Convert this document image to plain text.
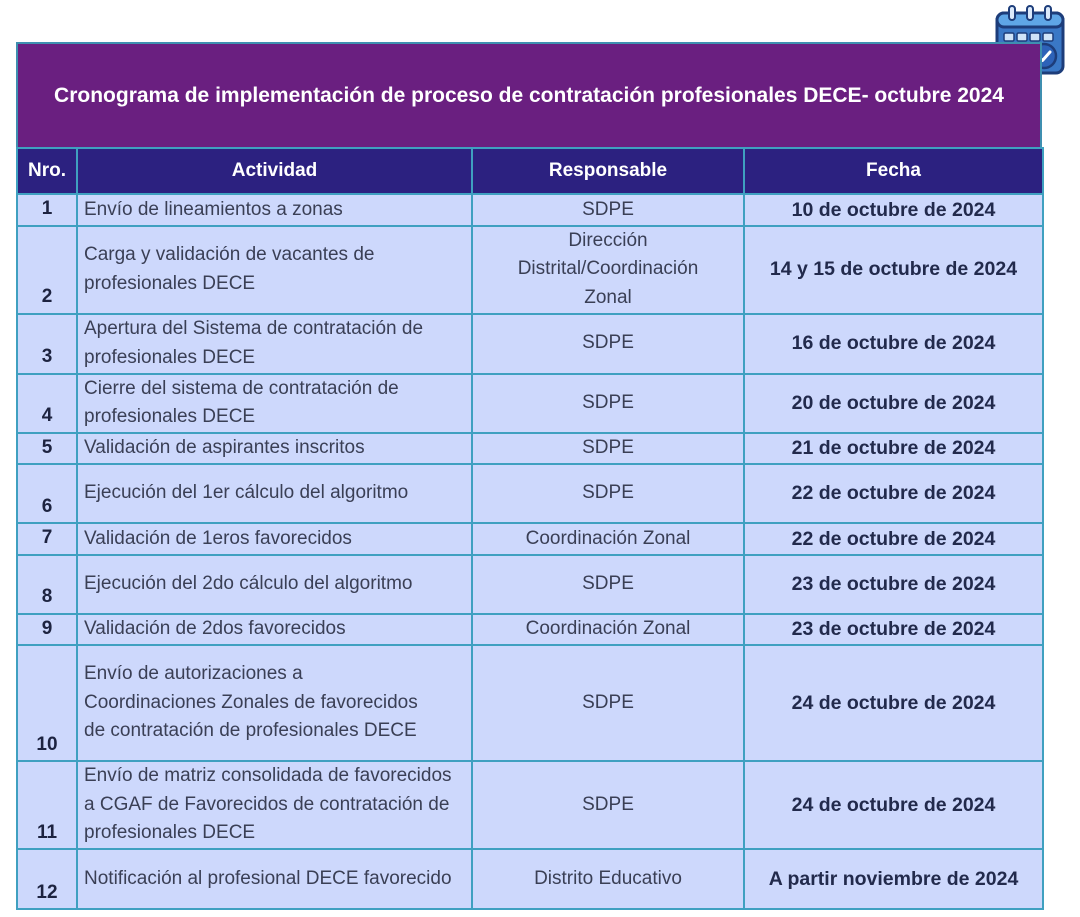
Cronograma de implementación de proceso de contratación profesionales DECE- octubre 2024
Nro.	Actividad	Responsable	Fecha
1	Envío de lineamientos a zonas	SDPE	10 de octubre de 2024
2	Carga y validación de vacantes de profesionales DECE	Dirección Distrital/Coordinación Zonal	14 y 15 de octubre de 2024
3	Apertura del Sistema de contratación de profesionales DECE	SDPE	16 de octubre de 2024
4	Cierre del sistema de contratación de profesionales DECE	SDPE	20 de octubre de 2024
5	Validación de aspirantes inscritos	SDPE	21 de octubre de 2024
6	Ejecución del 1er cálculo del algoritmo	SDPE	22 de octubre de 2024
7	Validación de 1eros favorecidos	Coordinación Zonal	22 de octubre de 2024
8	Ejecución del 2do cálculo del algoritmo	SDPE	23 de octubre de 2024
9	Validación de 2dos favorecidos	Coordinación Zonal	23 de octubre de 2024
10	Envío de autorizaciones a Coordinaciones Zonales de favorecidos de contratación de profesionales DECE	SDPE	24 de octubre de 2024
11	Envío de matriz consolidada de favorecidos a CGAF de Favorecidos de contratación de profesionales DECE	SDPE	24 de octubre de 2024
12	Notificación al profesional DECE favorecido	Distrito Educativo	A partir noviembre de 2024
